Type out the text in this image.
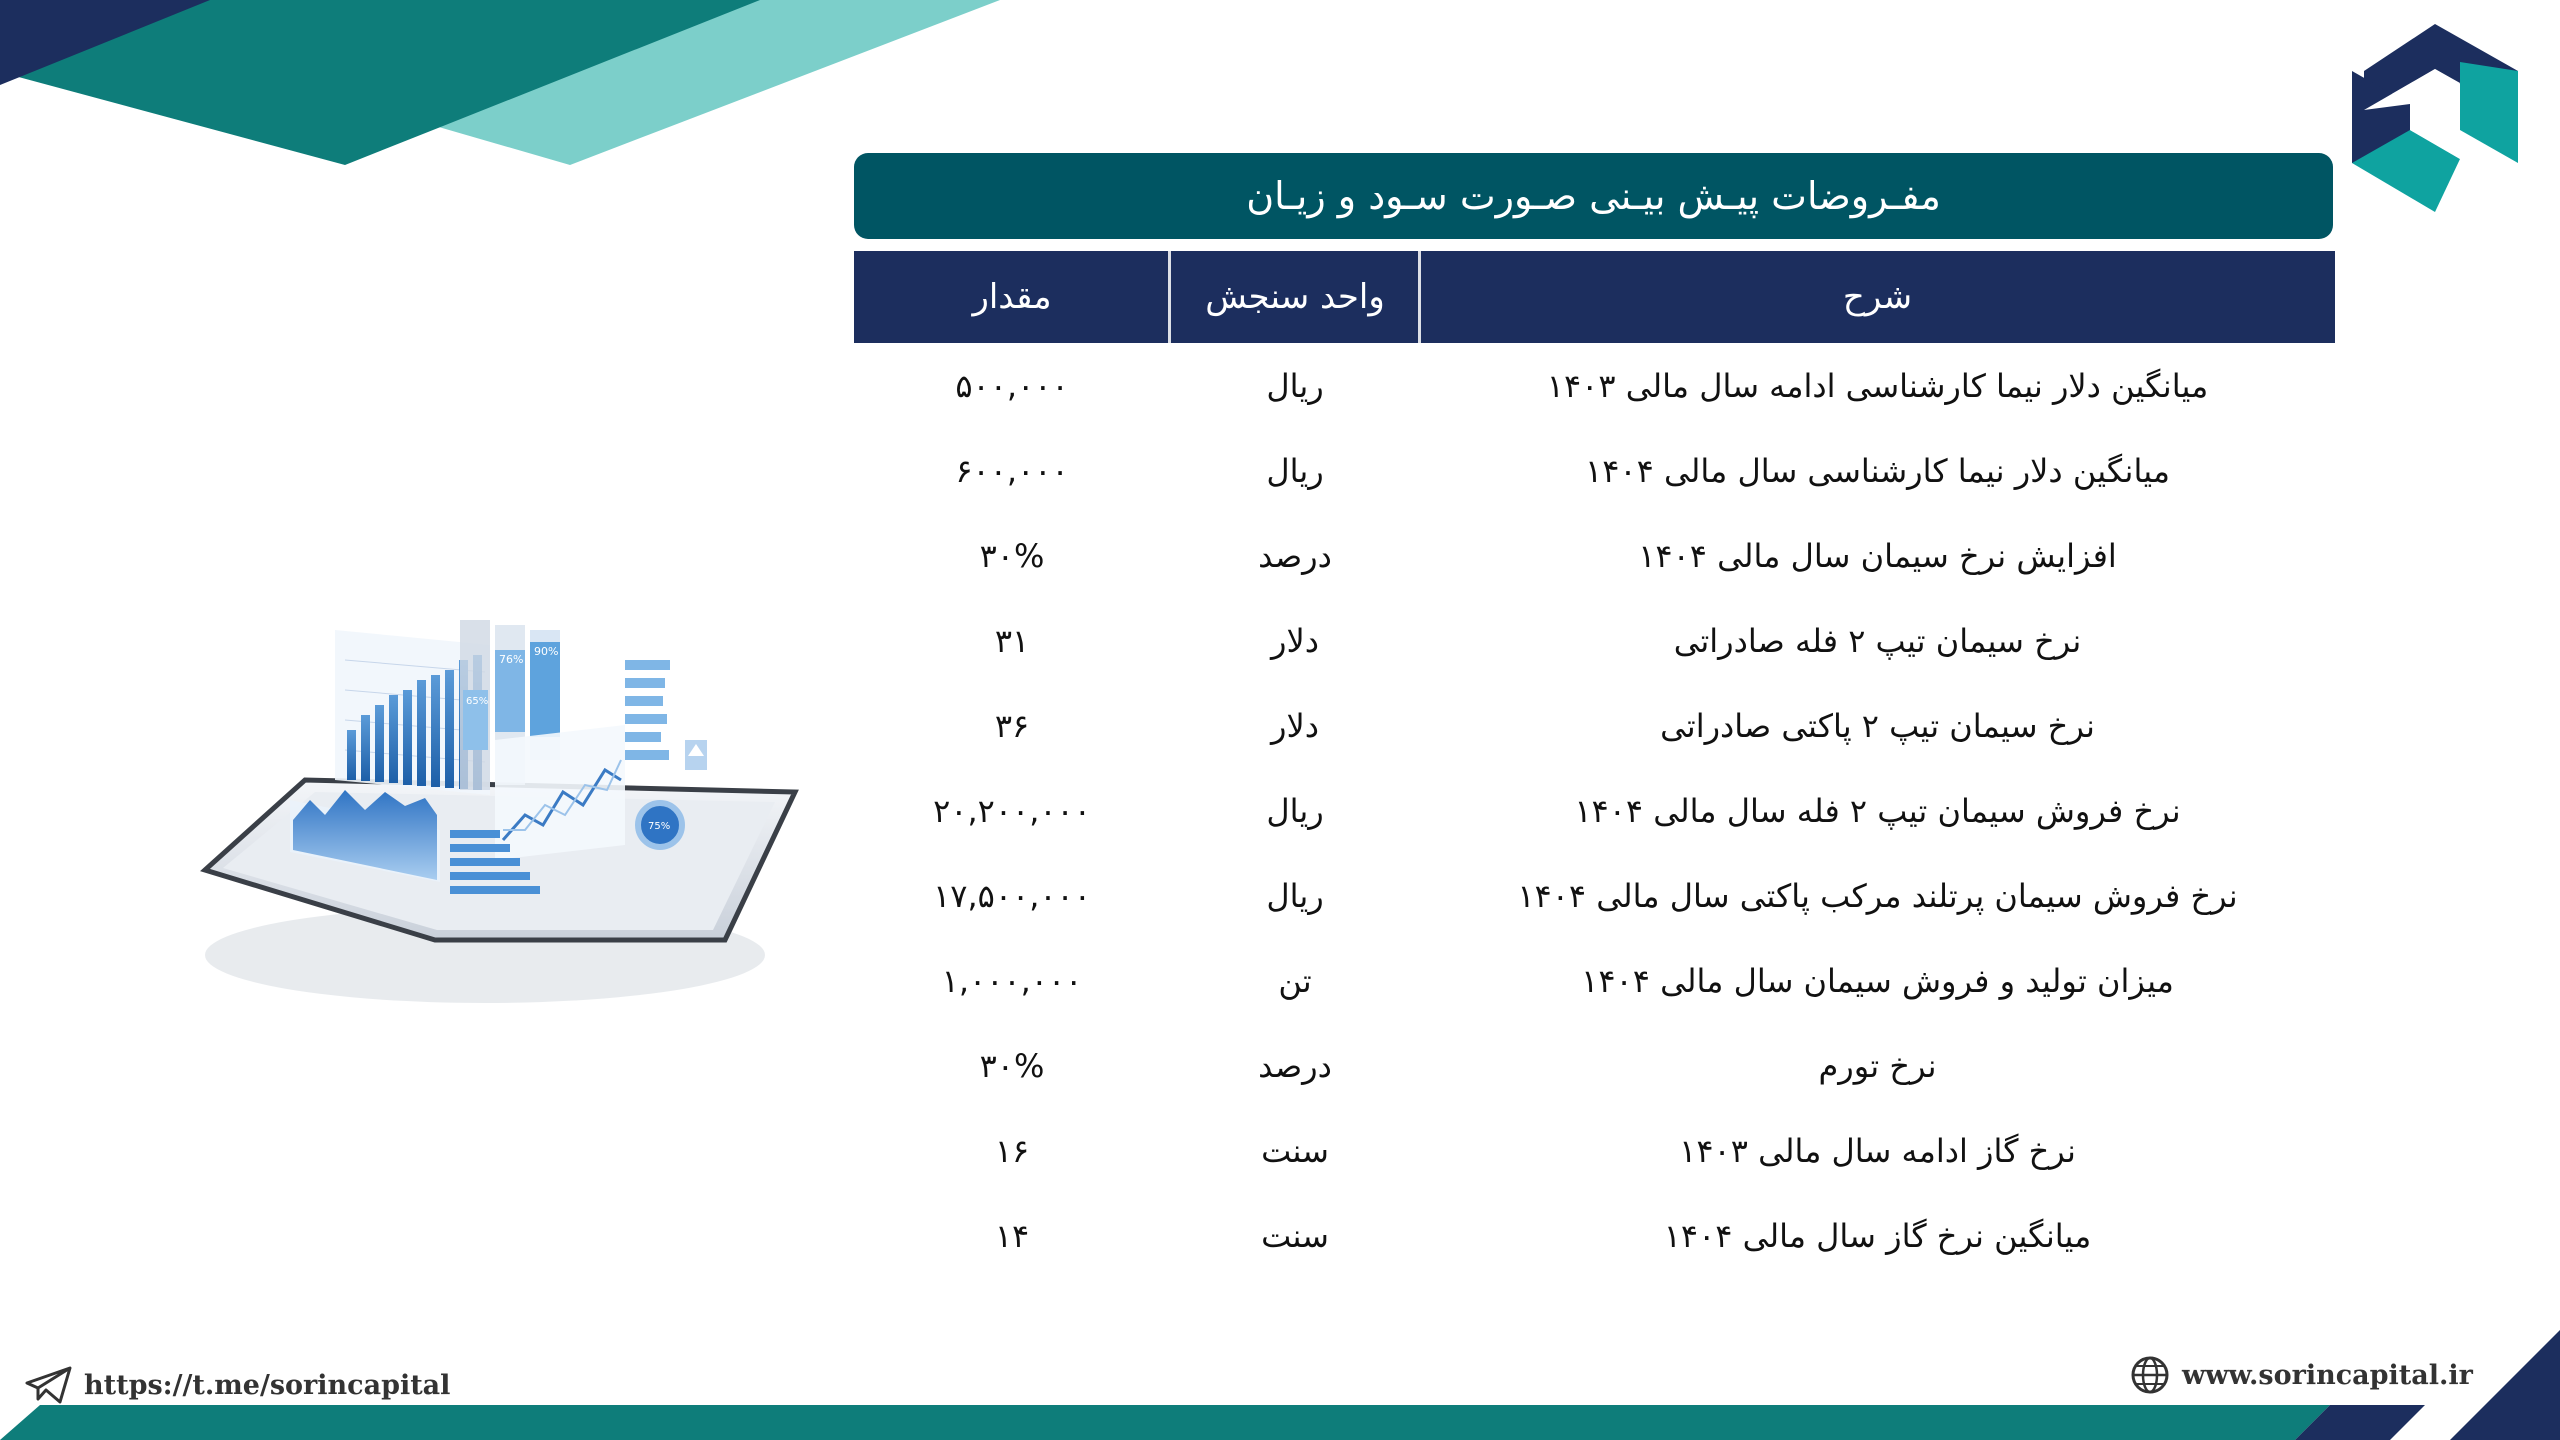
مفـروضات پیـش بیـنی صـورت سـود و زیـان
شرح
واحد سنجش
مقدار
میانگین دلار نیما کارشناسی ادامه سال مالی ۱۴۰۳
ریال
۵۰۰,۰۰۰
میانگین دلار نیما کارشناسی سال مالی ۱۴۰۴
ریال
۶۰۰,۰۰۰
افزایش نرخ سیمان سال مالی ۱۴۰۴
درصد
۳۰%
نرخ سیمان تیپ ۲ فله صادراتی
دلار
۳۱
نرخ سیمان تیپ ۲ پاکتی صادراتی
دلار
۳۶
نرخ فروش سیمان تیپ ۲ فله سال مالی ۱۴۰۴
ریال
۲۰,۲۰۰,۰۰۰
نرخ فروش سیمان پرتلند مرکب پاکتی سال مالی ۱۴۰۴
ریال
۱۷,۵۰۰,۰۰۰
میزان تولید و فروش سیمان سال مالی ۱۴۰۴
تن
۱,۰۰۰,۰۰۰
نرخ تورم
درصد
۳۰%
نرخ گاز ادامه سال مالی ۱۴۰۳
سنت
۱۶
میانگین نرخ گاز سال مالی ۱۴۰۴
سنت
۱۴
76%
90%
65%
75%
https://t.me/sorincapital	www.sorincapital.ir
